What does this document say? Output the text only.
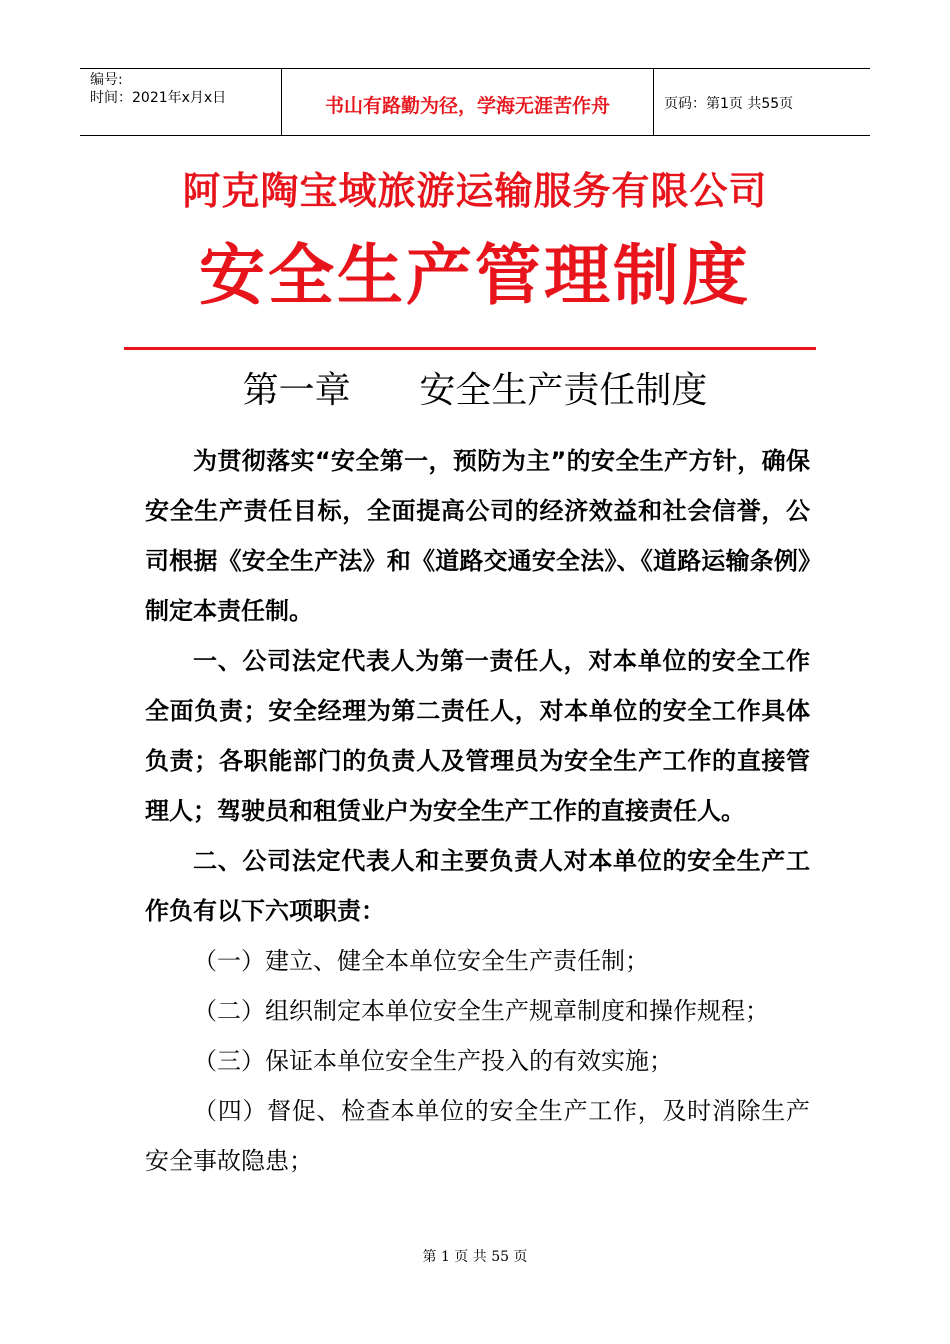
编号:
时间：2021年x月x日	书山有路勤为径，学海无涯苦作舟	页码：第1页 共55页
阿克陶宝域旅游运输服务有限公司
安全生产管理制度
第一章      安全生产责任制度

为贯彻落实“安全第一，预防为主”的安全生产方针，确保安全生产责任目标，全面提高公司的经济效益和社会信誉，公司根据《安全生产法》和《道路交通安全法》、《道路运输条例》制定本责任制。

一、公司法定代表人为第一责任人，对本单位的安全工作全面负责；安全经理为第二责任人，对本单位的安全工作具体负责；各职能部门的负责人及管理员为安全生产工作的直接管理人；驾驶员和租赁业户为安全生产工作的直接责任人。

二、公司法定代表人和主要负责人对本单位的安全生产工作负有以下六项职责：

（一）建立、健全本单位安全生产责任制；

（二）组织制定本单位安全生产规章制度和操作规程；

（三）保证本单位安全生产投入的有效实施；

（四）督促、检查本单位的安全生产工作，及时消除生产安全事故隐患；

第 1 页 共 55 页
